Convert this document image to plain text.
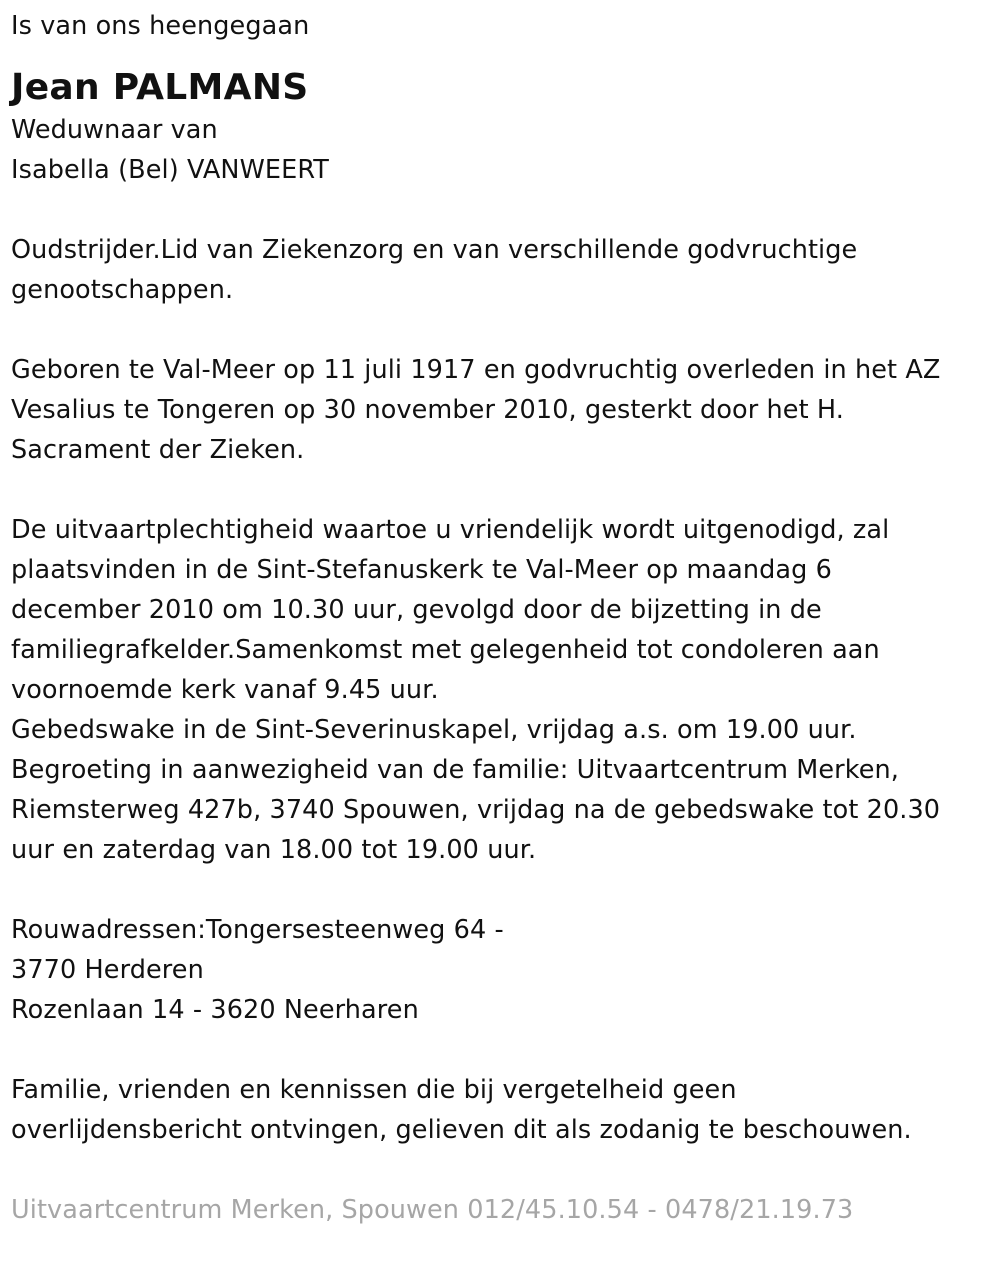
Is van ons heengegaan

Jean PALMANS
Weduwnaar van
Isabella (Bel) VANWEERT
Oudstrijder.Lid van Ziekenzorg en van verschillende godvruchtige
genootschappen.
Geboren te Val-Meer op 11 juli 1917 en godvruchtig overleden in het AZ
Vesalius te Tongeren op 30 november 2010, gesterkt door het H.
Sacrament der Zieken.
De uitvaartplechtigheid waartoe u vriendelijk wordt uitgenodigd, zal
plaatsvinden in de Sint-Stefanuskerk te Val-Meer op maandag 6
december 2010 om 10.30 uur, gevolgd door de bijzetting in de
familiegrafkelder.Samenkomst met gelegenheid tot condoleren aan
voornoemde kerk vanaf 9.45 uur.
Gebedswake in de Sint-Severinuskapel, vrijdag a.s. om 19.00 uur.
Begroeting in aanwezigheid van de familie: Uitvaartcentrum Merken,
Riemsterweg 427b, 3740 Spouwen, vrijdag na de gebedswake tot 20.30
uur en zaterdag van 18.00 tot 19.00 uur.
Rouwadressen:Tongersesteenweg 64 -
3770 Herderen
Rozenlaan 14 - 3620 Neerharen
Familie, vrienden en kennissen die bij vergetelheid geen
overlijdensbericht ontvingen, gelieven dit als zodanig te beschouwen.

Uitvaartcentrum Merken, Spouwen 012/45.10.54 - 0478/21.19.73
